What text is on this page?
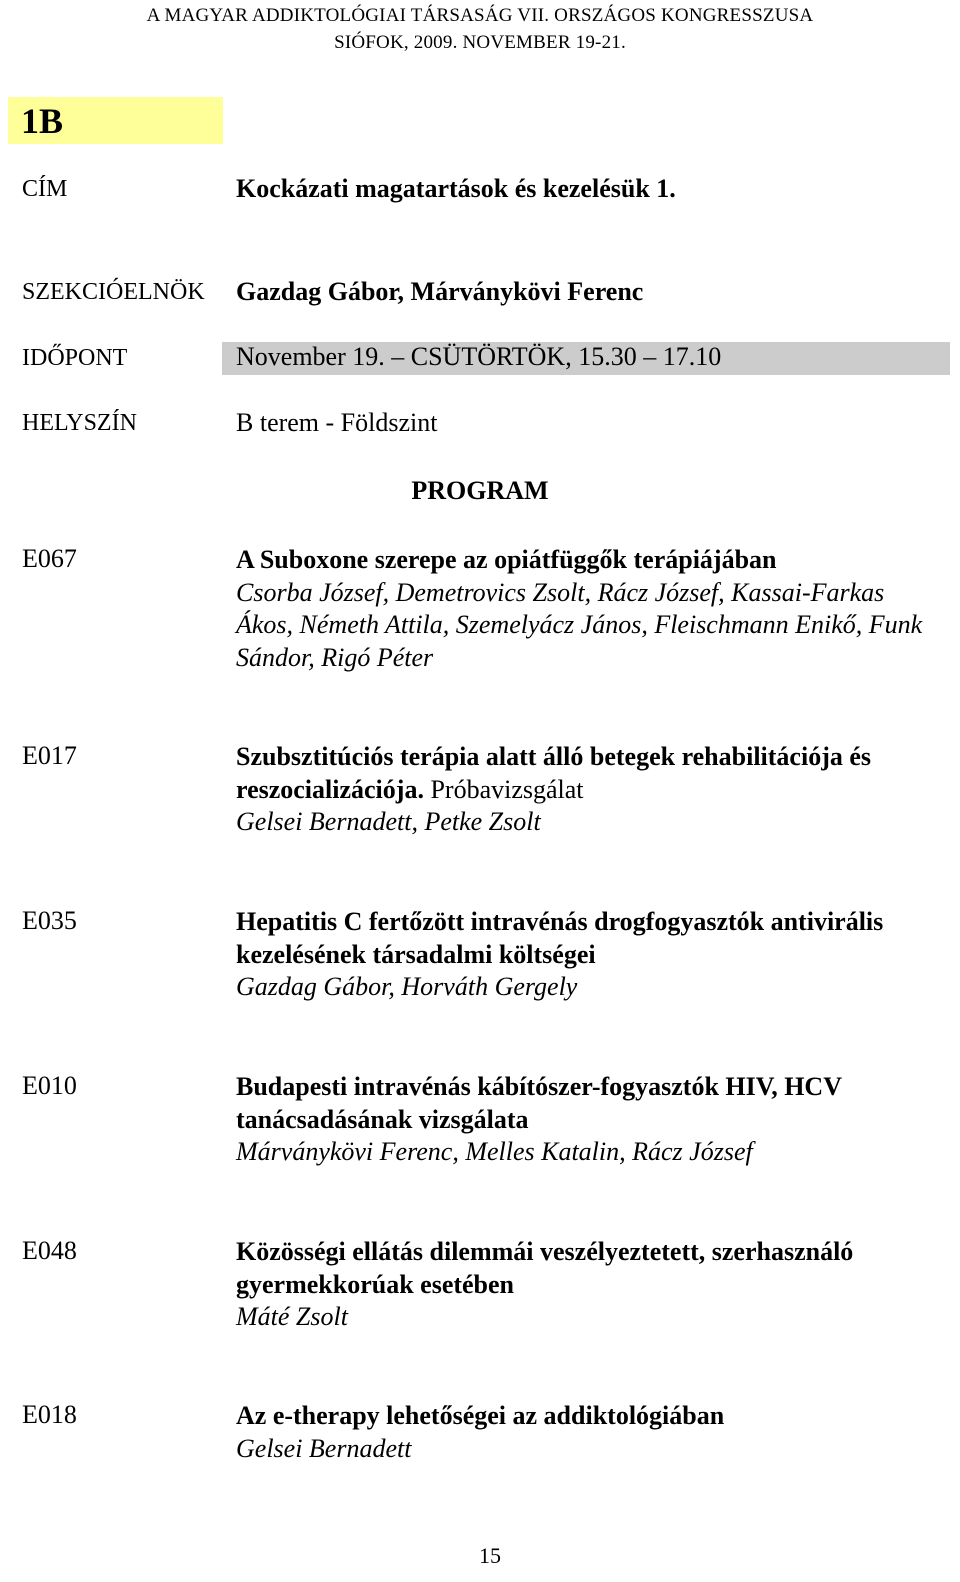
A MAGYAR ADDIKTOLÓGIAI TÁRSASÁG VII. ORSZÁGOS KONGRESSZUSA
SIÓFOK, 2009. NOVEMBER 19-21.
1B
CÍM	Kockázati magatartások és kezelésük 1.
SZEKCIÓELNÖK Gazdag Gábor, Márványkövi Ferenc
IDŐPONT	November 19. – CSÜTÖRTÖK, 15.30 – 17.10
HELYSZÍN	B terem - Földszint
PROGRAM
E067	A Suboxone szerepe az opiátfüggők terápiájában
Csorba József, Demetrovics Zsolt, Rácz József, Kassai-Farkas Ákos, Németh Attila, Szemelyácz János, Fleischmann Enikő, Funk Sándor, Rigó Péter
E017	Szubsztitúciós terápia alatt álló betegek rehabilitációja és reszocializációja. Próbavizsgálat
Gelsei Bernadett, Petke Zsolt
E035	Hepatitis C fertőzött intravénás drogfogyasztók antivirális kezelésének társadalmi költségei
Gazdag Gábor, Horváth Gergely
E010	Budapesti intravénás kábítószer-fogyasztók HIV, HCV tanácsadásának vizsgálata
Márványkövi Ferenc, Melles Katalin, Rácz József
E048	Közösségi ellátás dilemmái veszélyeztetett, szerhasználó gyermekkorúak esetében
Máté Zsolt
E018	Az e-therapy lehetőségei az addiktológiában
Gelsei Bernadett
15
